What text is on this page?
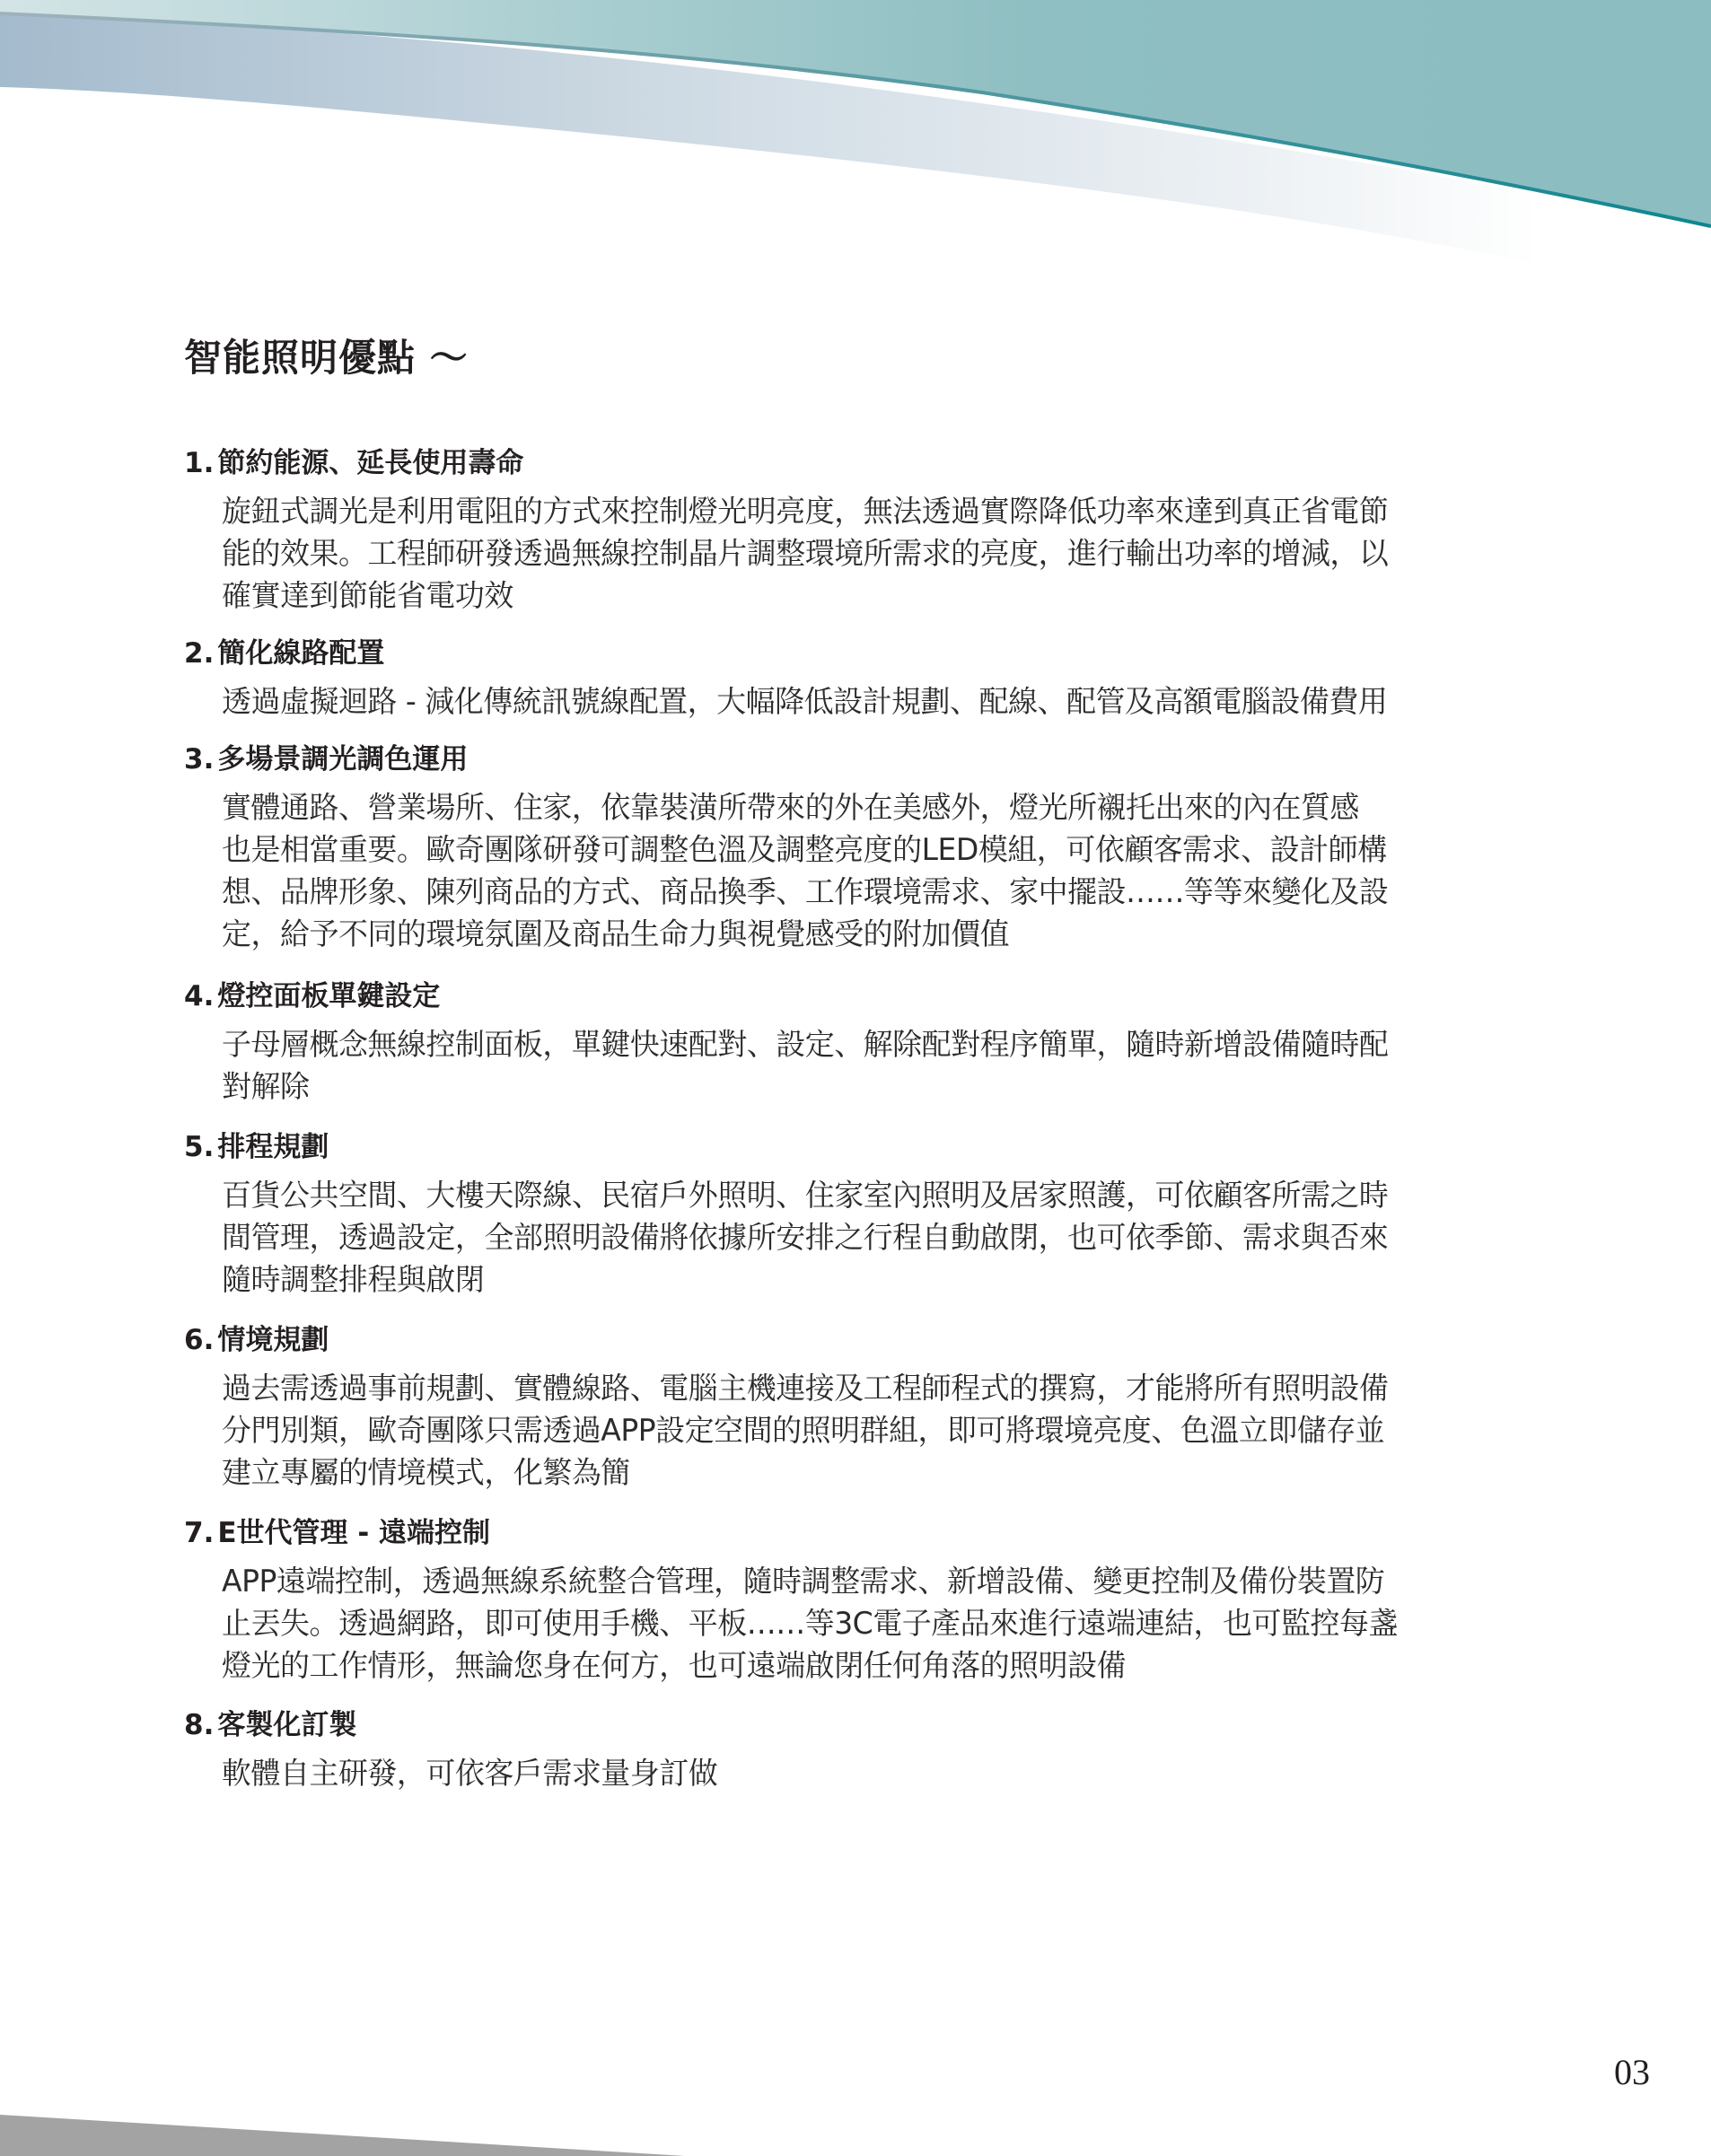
智能照明優點 ～
1. 節約能源、延長使用壽命
旋鈕式調光是利用電阻的方式來控制燈光明亮度，無法透過實際降低功率來達到真正省電節
能的效果。工程師研發透過無線控制晶片調整環境所需求的亮度，進行輸出功率的增減，以
確實達到節能省電功效
2. 簡化線路配置
透過虛擬迴路 - 減化傳統訊號線配置，大幅降低設計規劃、配線、配管及高額電腦設備費用
3. 多場景調光調色運用
實體通路、營業場所、住家，依靠裝潢所帶來的外在美感外，燈光所襯托出來的內在質感
也是相當重要。歐奇團隊研發可調整色溫及調整亮度的LED模組，可依顧客需求、設計師構
想、品牌形象、陳列商品的方式、商品換季、工作環境需求、家中擺設……等等來變化及設
定，給予不同的環境氛圍及商品生命力與視覺感受的附加價值
4. 燈控面板單鍵設定
子母層概念無線控制面板，單鍵快速配對、設定、解除配對程序簡單，隨時新增設備隨時配
對解除
5. 排程規劃
百貨公共空間、大樓天際線、民宿戶外照明、住家室內照明及居家照護，可依顧客所需之時
間管理，透過設定，全部照明設備將依據所安排之行程自動啟閉，也可依季節、需求與否來
隨時調整排程與啟閉
6. 情境規劃
過去需透過事前規劃、實體線路、電腦主機連接及工程師程式的撰寫，才能將所有照明設備
分門別類，歐奇團隊只需透過APP設定空間的照明群組，即可將環境亮度、色溫立即儲存並
建立專屬的情境模式，化繁為簡
7. E世代管理 - 遠端控制
APP遠端控制，透過無線系統整合管理，隨時調整需求、新增設備、變更控制及備份裝置防
止丟失。透過網路，即可使用手機、平板……等3C電子產品來進行遠端連結，也可監控每盞
燈光的工作情形，無論您身在何方，也可遠端啟閉任何角落的照明設備
8. 客製化訂製
軟體自主研發，可依客戶需求量身訂做
03
